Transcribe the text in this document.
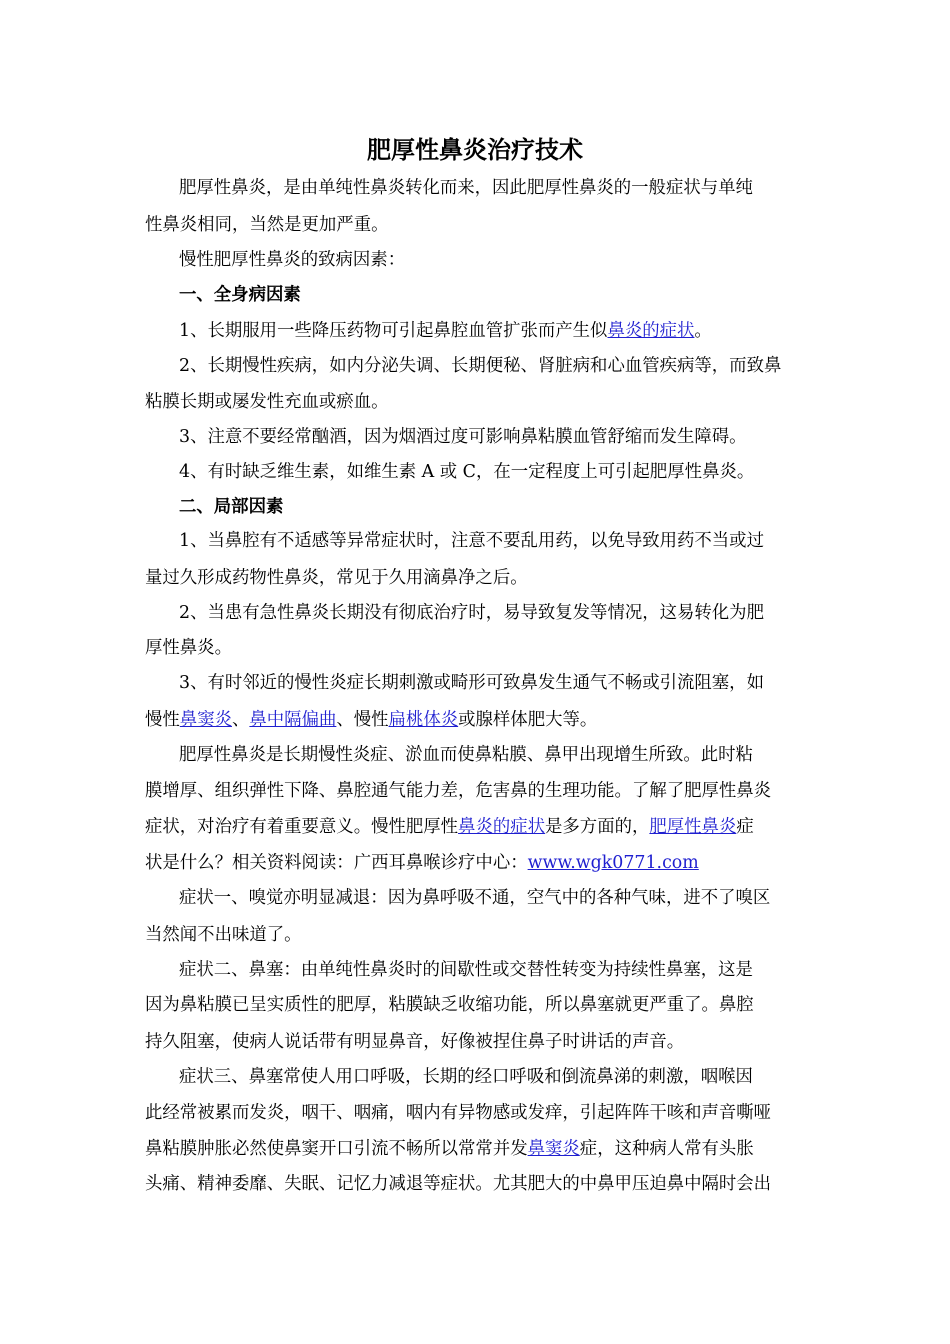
肥厚性鼻炎治疗技术
肥厚性鼻炎，是由单纯性鼻炎转化而来，因此肥厚性鼻炎的一般症状与单纯
性鼻炎相同，当然是更加严重。
慢性肥厚性鼻炎的致病因素：
一、全身病因素
1、长期服用一些降压药物可引起鼻腔血管扩张而产生似鼻炎的症状。
2、长期慢性疾病，如内分泌失调、长期便秘、肾脏病和心血管疾病等，而致鼻
粘膜长期或屡发性充血或瘀血。
3、注意不要经常酗酒，因为烟酒过度可影响鼻粘膜血管舒缩而发生障碍。
4、有时缺乏维生素，如维生素 A 或 C，在一定程度上可引起肥厚性鼻炎。
二、局部因素
1、当鼻腔有不适感等异常症状时，注意不要乱用药，以免导致用药不当或过
量过久形成药物性鼻炎，常见于久用滴鼻净之后。
2、当患有急性鼻炎长期没有彻底治疗时，易导致复发等情况，这易转化为肥
厚性鼻炎。
3、有时邻近的慢性炎症长期刺激或畸形可致鼻发生通气不畅或引流阻塞，如
慢性鼻窦炎、鼻中隔偏曲、慢性扁桃体炎或腺样体肥大等。
肥厚性鼻炎是长期慢性炎症、淤血而使鼻粘膜、鼻甲出现增生所致。此时粘
膜增厚、组织弹性下降、鼻腔通气能力差，危害鼻的生理功能。了解了肥厚性鼻炎
症状，对治疗有着重要意义。慢性肥厚性鼻炎的症状是多方面的，肥厚性鼻炎症
状是什么？相关资料阅读：广西耳鼻喉诊疗中心：www.wgk0771.com
症状一、嗅觉亦明显减退：因为鼻呼吸不通，空气中的各种气味，进不了嗅区
当然闻不出味道了。
症状二、鼻塞：由单纯性鼻炎时的间歇性或交替性转变为持续性鼻塞，这是
因为鼻粘膜已呈实质性的肥厚，粘膜缺乏收缩功能，所以鼻塞就更严重了。鼻腔
持久阻塞，使病人说话带有明显鼻音，好像被捏住鼻子时讲话的声音。
症状三、鼻塞常使人用口呼吸，长期的经口呼吸和倒流鼻涕的刺激，咽喉因
此经常被累而发炎，咽干、咽痛，咽内有异物感或发痒，引起阵阵干咳和声音嘶哑
鼻粘膜肿胀必然使鼻窦开口引流不畅所以常常并发鼻窦炎症，这种病人常有头胀
头痛、精神委靡、失眠、记忆力减退等症状。尤其肥大的中鼻甲压迫鼻中隔时会出
